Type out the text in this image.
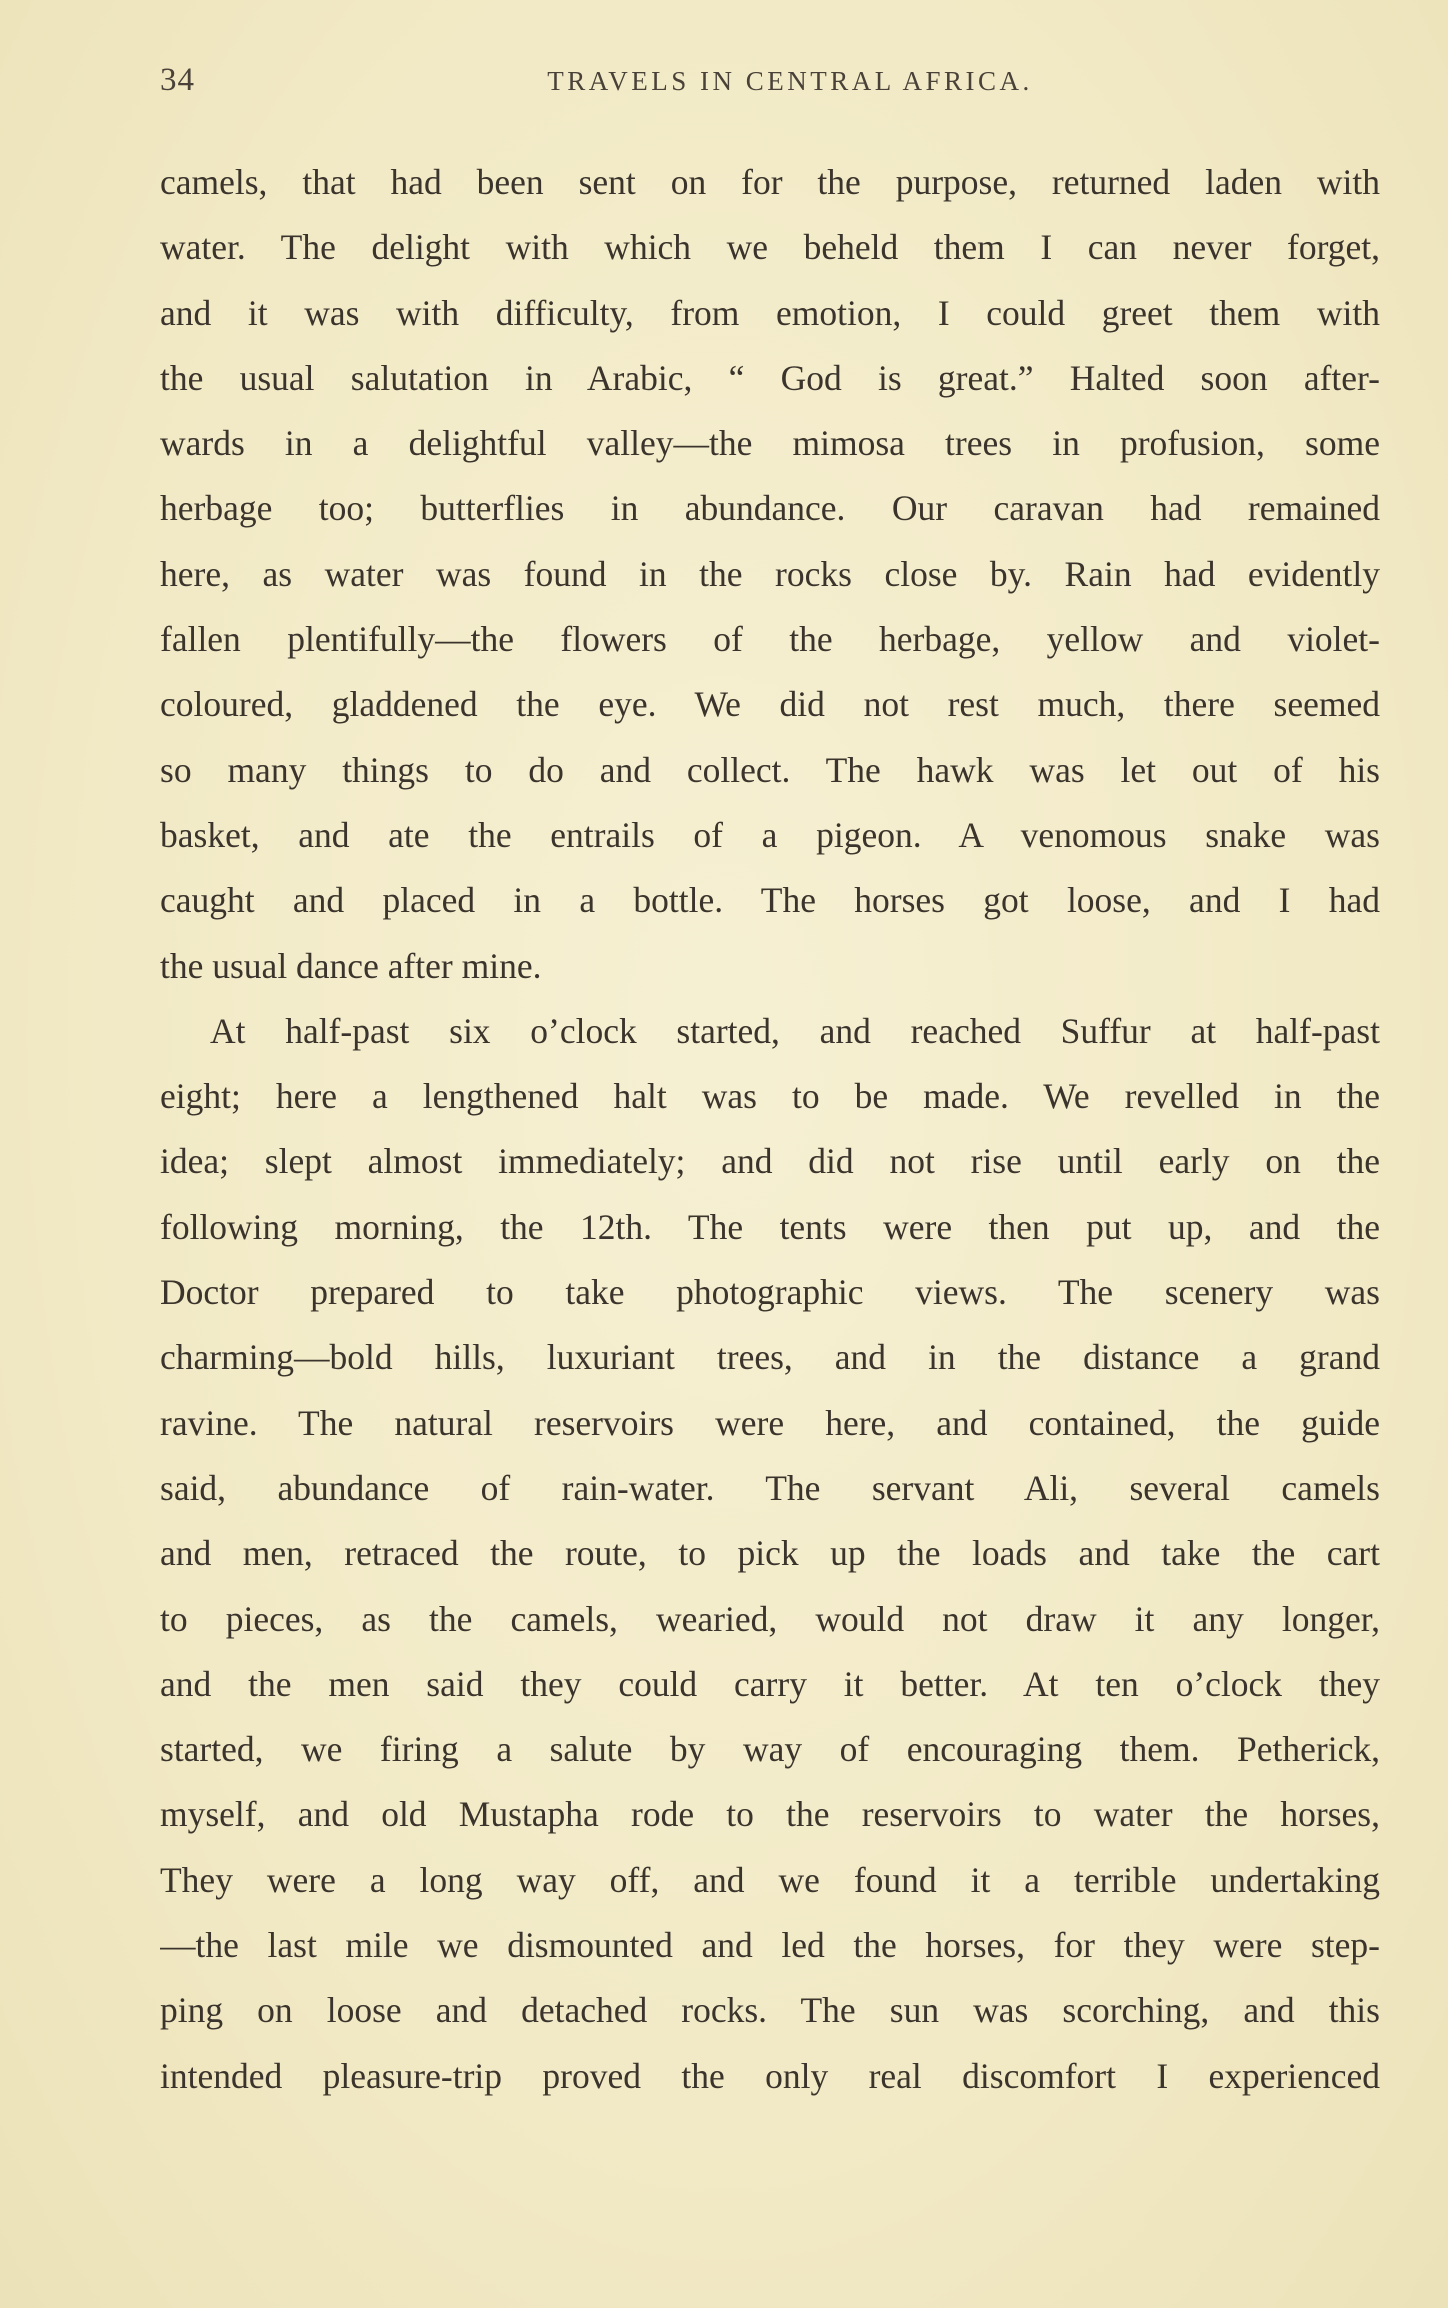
34	TRAVELS IN CENTRAL AFRICA.
camels, that had been sent on for the purpose, returned laden with
water. The delight with which we beheld them I can never forget,
and it was with difficulty, from emotion, I could greet them with
the usual salutation in Arabic, “ God is great.” Halted soon after-
wards in a delightful valley—the mimosa trees in profusion, some
herbage too; butterflies in abundance. Our caravan had remained
here, as water was found in the rocks close by. Rain had evidently
fallen plentifully—the flowers of the herbage, yellow and violet-
coloured, gladdened the eye. We did not rest much, there seemed
so many things to do and collect. The hawk was let out of his
basket, and ate the entrails of a pigeon. A venomous snake was
caught and placed in a bottle. The horses got loose, and I had
the usual dance after mine.
At half-past six o’clock started, and reached Suffur at half-past
eight; here a lengthened halt was to be made. We revelled in the
idea; slept almost immediately; and did not rise until early on the
following morning, the 12th. The tents were then put up, and the
Doctor prepared to take photographic views. The scenery was
charming—bold hills, luxuriant trees, and in the distance a grand
ravine. The natural reservoirs were here, and contained, the guide
said, abundance of rain-water. The servant Ali, several camels
and men, retraced the route, to pick up the loads and take the cart
to pieces, as the camels, wearied, would not draw it any longer,
and the men said they could carry it better. At ten o’clock they
started, we firing a salute by way of encouraging them. Petherick,
myself, and old Mustapha rode to the reservoirs to water the horses,
They were a long way off, and we found it a terrible undertaking
—the last mile we dismounted and led the horses, for they were step-
ping on loose and detached rocks. The sun was scorching, and this
intended pleasure-trip proved the only real discomfort I experienced
